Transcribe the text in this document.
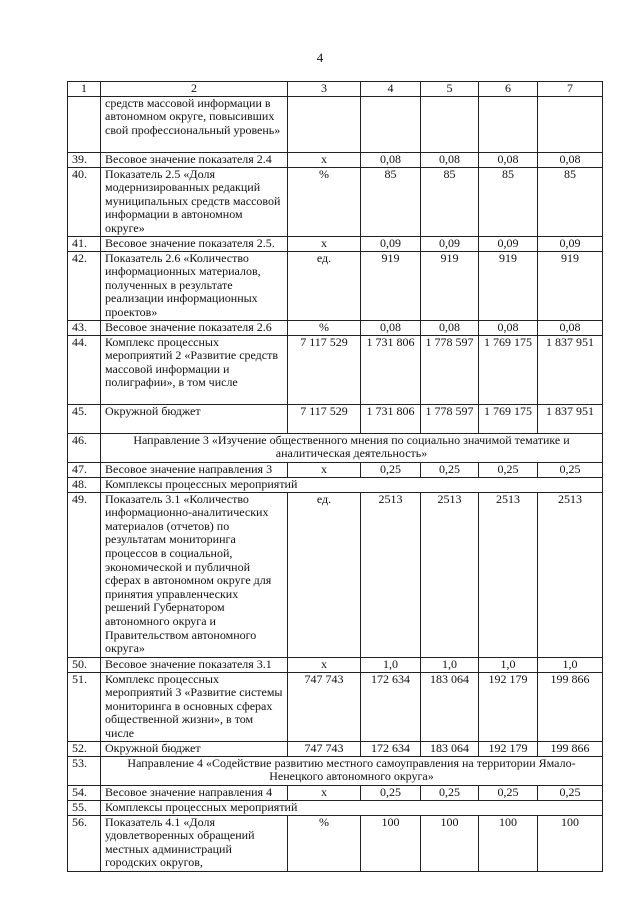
4
1	2	3	4	5	6	7
	средств массовой информации в автономном округе, повысивших свой профессиональный уровень»					
39.	Весовое значение показателя 2.4	х	0,08	0,08	0,08	0,08
40.	Показатель 2.5 «Доля модернизированных редакций муниципальных средств массовой информации в автономном округе»	%	85	85	85	85
41.	Весовое значение показателя 2.5.	х	0,09	0,09	0,09	0,09
42.	Показатель 2.6 «Количество информационных материалов, полученных в результате реализации информационных проектов»	ед.	919	919	919	919
43.	Весовое значение показателя 2.6	%	0,08	0,08	0,08	0,08
44.	Комплекс процессных мероприятий 2 «Развитие средств массовой информации и полиграфии», в том числе	7 117 529	1 731 806	1 778 597	1 769 175	1 837 951
45.	Окружной бюджет	7 117 529	1 731 806	1 778 597	1 769 175	1 837 951
46.	Направление 3 «Изучение общественного мнения по социально значимой тематике и аналитическая деятельность»					
47.	Весовое значение направления 3	х	0,25	0,25	0,25	0,25
48.	Комплексы процессных мероприятий					
49.	Показатель 3.1 «Количество информационно-аналитических материалов (отчетов) по результатам мониторинга процессов в социальной, экономической и публичной сферах в автономном округе для принятия управленческих решений Губернатором автономного округа и Правительством автономного округа»	ед.	2513	2513	2513	2513
50.	Весовое значение показателя 3.1	х	1,0	1,0	1,0	1,0
51.	Комплекс процессных мероприятий 3 «Развитие системы мониторинга в основных сферах общественной жизни», в том числе	747 743	172 634	183 064	192 179	199 866
52.	Окружной бюджет	747 743	172 634	183 064	192 179	199 866
53.	Направление 4 «Содействие развитию местного самоуправления на территории Ямало-Ненецкого автономного округа»					
54.	Весовое значение направления 4	х	0,25	0,25	0,25	0,25
55.	Комплексы процессных мероприятий					
56.	Показатель 4.1 «Доля удовлетворенных обращений местных администраций городских округов,	%	100	100	100	100
